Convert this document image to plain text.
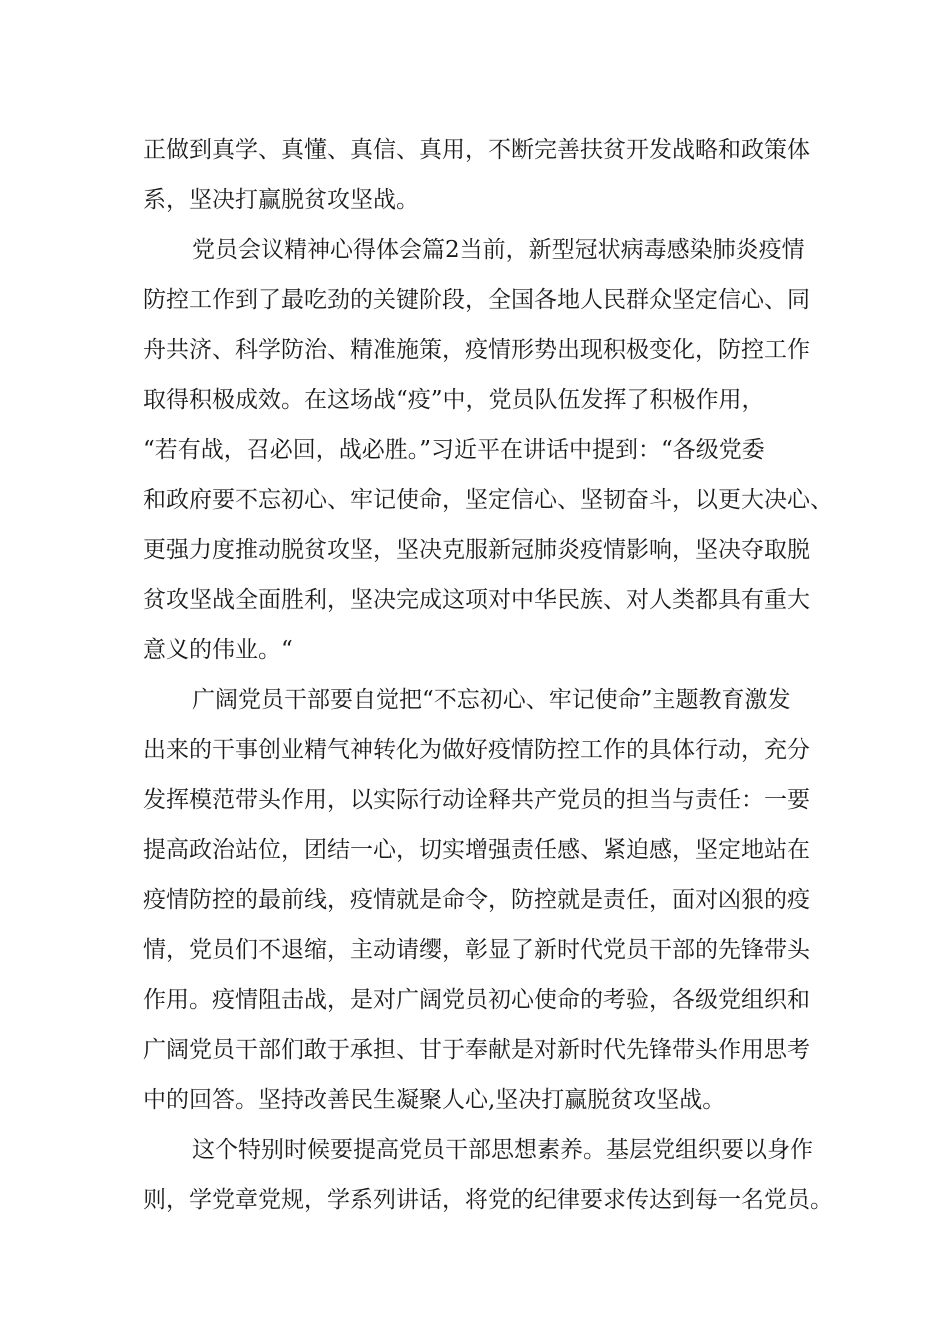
正做到真学、真懂、真信、真用，不断完善扶贫开发战略和政策体
系，坚决打赢脱贫攻坚战。
党员会议精神心得体会篇2当前，新型冠状病毒感染肺炎疫情
防控工作到了最吃劲的关键阶段，全国各地人民群众坚定信心、同
舟共济、科学防治、精准施策，疫情形势出现积极变化，防控工作
取得积极成效。在这场战“疫”中，党员队伍发挥了积极作用，
“若有战，召必回，战必胜。”习近平在讲话中提到：“各级党委
和政府要不忘初心、牢记使命，坚定信心、坚韧奋斗，以更大决心、
更强力度推动脱贫攻坚，坚决克服新冠肺炎疫情影响，坚决夺取脱
贫攻坚战全面胜利，坚决完成这项对中华民族、对人类都具有重大
意义的伟业。“
广阔党员干部要自觉把“不忘初心、牢记使命”主题教育激发
出来的干事创业精气神转化为做好疫情防控工作的具体行动，充分
发挥模范带头作用，以实际行动诠释共产党员的担当与责任：一要
提高政治站位，团结一心，切实增强责任感、紧迫感，坚定地站在
疫情防控的最前线，疫情就是命令，防控就是责任，面对凶狠的疫
情，党员们不退缩，主动请缨，彰显了新时代党员干部的先锋带头
作用。疫情阻击战，是对广阔党员初心使命的考验，各级党组织和
广阔党员干部们敢于承担、甘于奉献是对新时代先锋带头作用思考
中的回答。坚持改善民生凝聚人心,坚决打赢脱贫攻坚战。
这个特别时候要提高党员干部思想素养。基层党组织要以身作
则，学党章党规，学系列讲话，将党的纪律要求传达到每一名党员。
